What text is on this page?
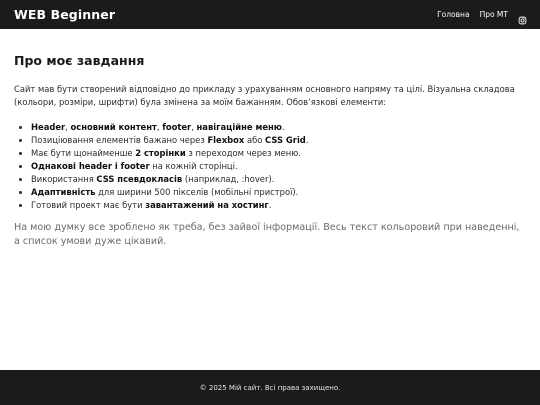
WEB Beginner	Головна Про МТ
Про моє завдання

Сайт мав бути створений відповідно до прикладу з урахуванням основного напряму та цілі. Візуальна складова (кольори, розміри, шрифти) була змінена за моїм бажанням. Обов’язкові елементи:

• Header, основний контент, footer, навігаційне меню.
• Позиціювання елементів бажано через Flexbox або CSS Grid.
• Має бути щонайменше 2 сторінки з переходом через меню.
• Однакові header і footer на кожній сторінці.
• Використання CSS псевдокласів (наприклад, :hover).
• Адаптивність для ширини 500 пікселів (мобільні пристрої).
• Готовий проект має бути завантажений на хостинг.

На мою думку все зроблено як треба, без зайвої інформації. Весь текст кольоровий при наведенні, а список умови дуже цікавий.

© 2025 Мій сайт. Всі права захищено.
